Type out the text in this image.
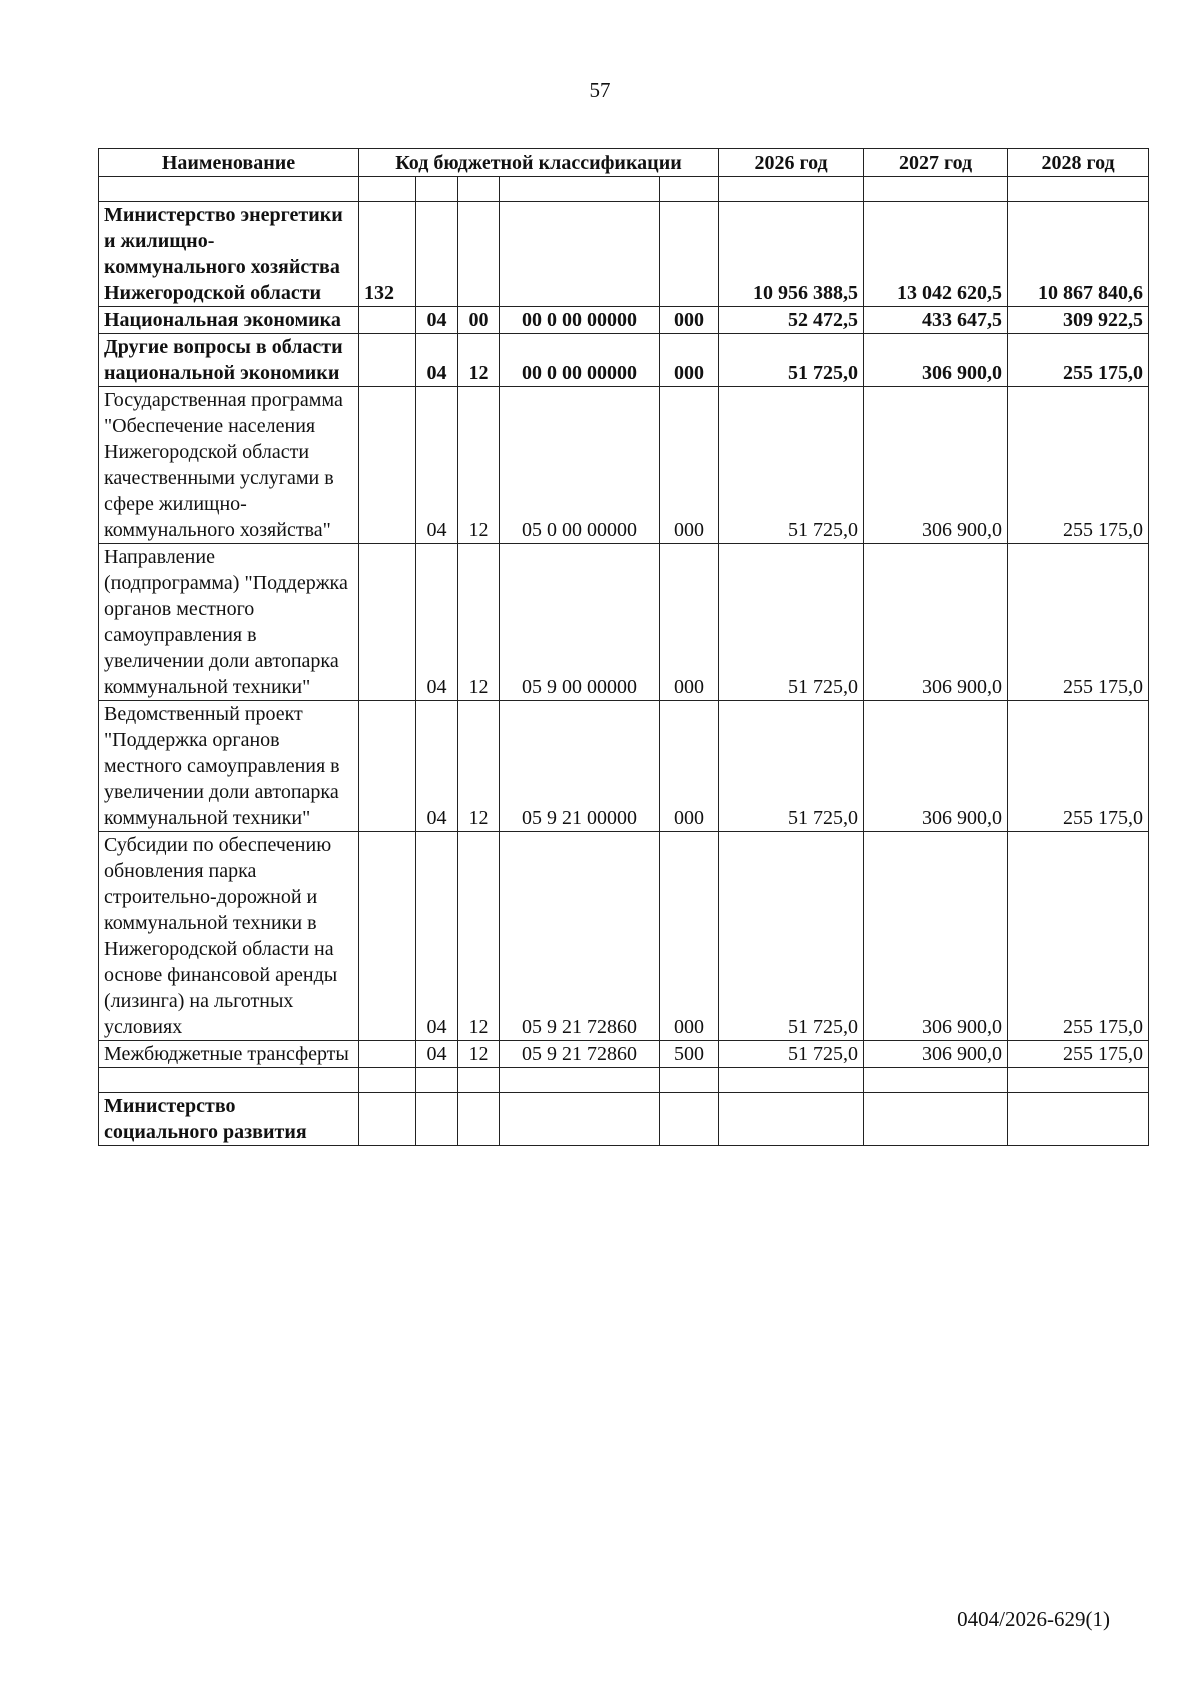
57
Наименование	Код бюджетной классификации					2026 год	2027 год	2028 год

Министерство энергетики и жилищно-коммунального хозяйства Нижегородской области	132					10 956 388,5	13 042 620,5	10 867 840,6
Национальная экономика		04	00	00 0 00 00000	000	52 472,5	433 647,5	309 922,5
Другие вопросы в области национальной экономики		04	12	00 0 00 00000	000	51 725,0	306 900,0	255 175,0
Государственная программа "Обеспечение населения Нижегородской области качественными услугами в сфере жилищно-коммунального хозяйства"		04	12	05 0 00 00000	000	51 725,0	306 900,0	255 175,0
Направление (подпрограмма) "Поддержка органов местного самоуправления в увеличении доли автопарка коммунальной техники"		04	12	05 9 00 00000	000	51 725,0	306 900,0	255 175,0
Ведомственный проект "Поддержка органов местного самоуправления в увеличении доли автопарка коммунальной техники"		04	12	05 9 21 00000	000	51 725,0	306 900,0	255 175,0
Субсидии по обеспечению обновления парка строительно-дорожной и коммунальной техники в Нижегородской области на основе финансовой аренды (лизинга) на льготных условиях		04	12	05 9 21 72860	000	51 725,0	306 900,0	255 175,0
Межбюджетные трансферты		04	12	05 9 21 72860	500	51 725,0	306 900,0	255 175,0

Министерство социального развития								
0404/2026-629(1)
